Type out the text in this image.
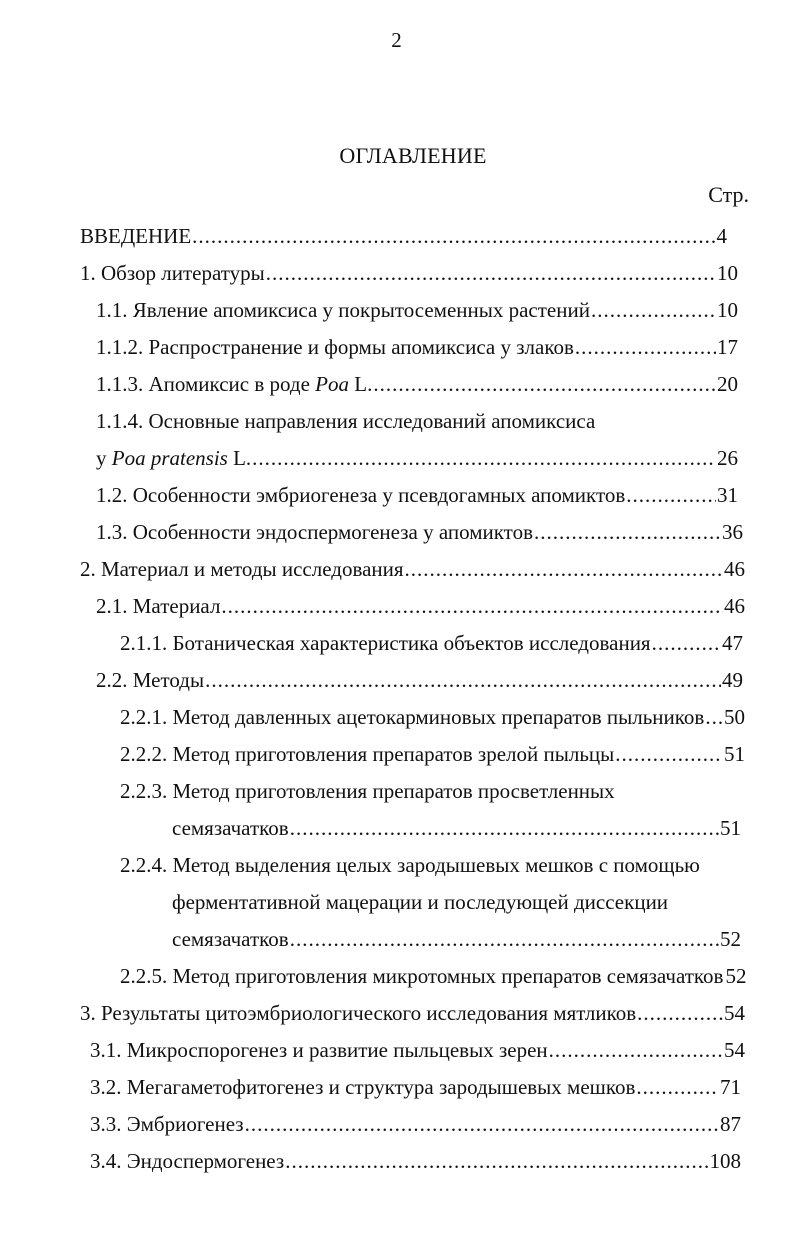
2
ОГЛАВЛЕНИЕ
Стр.
ВВЕДЕНИЕ .....	4
1. Обзор литературы .....	10
1.1. Явление апомиксиса у покрытосеменных растений .....	10
1.1.2. Распространение и формы апомиксиса у злаков .....	17
1.1.3. Апомиксис в роде Poa L. .....	20
1.1.4. Основные направления исследований апомиксиса
у Poa pratensis L. .....	26
1.2. Особенности эмбриогенеза у псевдогамных апомиктов .....	31
1.3. Особенности эндоспермогенеза у апомиктов .....	36
2. Материал и методы исследования .....	46
2.1. Материал .....	46
2.1.1. Ботаническая характеристика объектов исследования .....	47
2.2. Методы .....	49
2.2.1. Метод давленных ацетокарминовых препаратов пыльников ..... 50
2.2.2. Метод приготовления препаратов зрелой пыльцы .....	51
2.2.3. Метод приготовления препаратов просветленных
семязачатков .....	51
2.2.4. Метод выделения целых зародышевых мешков с помощью
ферментативной мацерации и последующей диссекции
семязачатков .....	52
2.2.5. Метод приготовления микротомных препаратов семязачатков 52
3. Результаты цитоэмбриологического исследования мятликов .....	54
3.1. Микроспорогенез и развитие пыльцевых зерен .....	54
3.2. Мегагаметофитогенез и структура зародышевых мешков .....	71
3.3. Эмбриогенез .....	87
3.4. Эндоспермогенез .....	108
